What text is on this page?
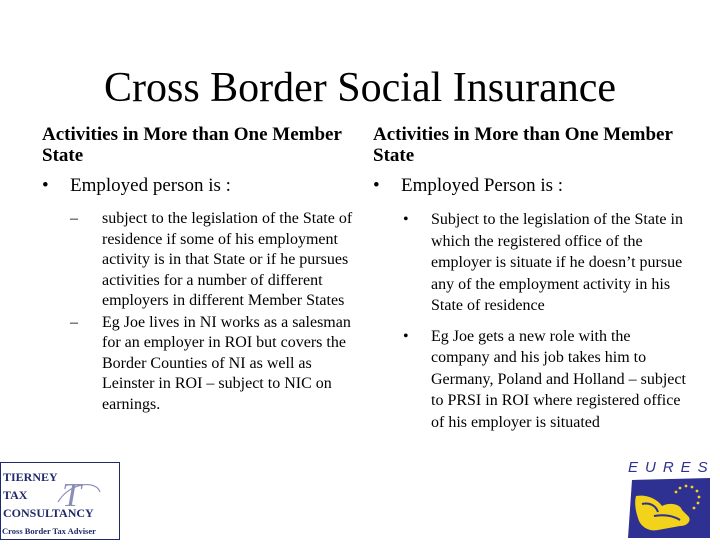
Cross Border Social Insurance

Activities in More than One Member State

•	Employed person is :
–	subject to the legislation of the State of residence if some of his employment activity is in that State or if he pursues activities for a number of different employers in different Member States
–	Eg Joe lives in NI works as a salesman for an employer in ROI but covers the Border Counties of NI as well as Leinster in ROI – subject to NIC on earnings.

Activities in More than One Member State

•	Employed Person is :
•	Subject to the legislation of the State in which the registered office of the employer is situate if he doesn’t pursue any of the employment activity in his State of residence
•	Eg Joe gets a new role with the company and his job takes him to Germany, Poland and Holland – subject to PRSI in ROI where registered office of his employer is situated
TIERNEY
TAX
CONSULTANCY
T
Cross Border Tax Adviser
EURES
